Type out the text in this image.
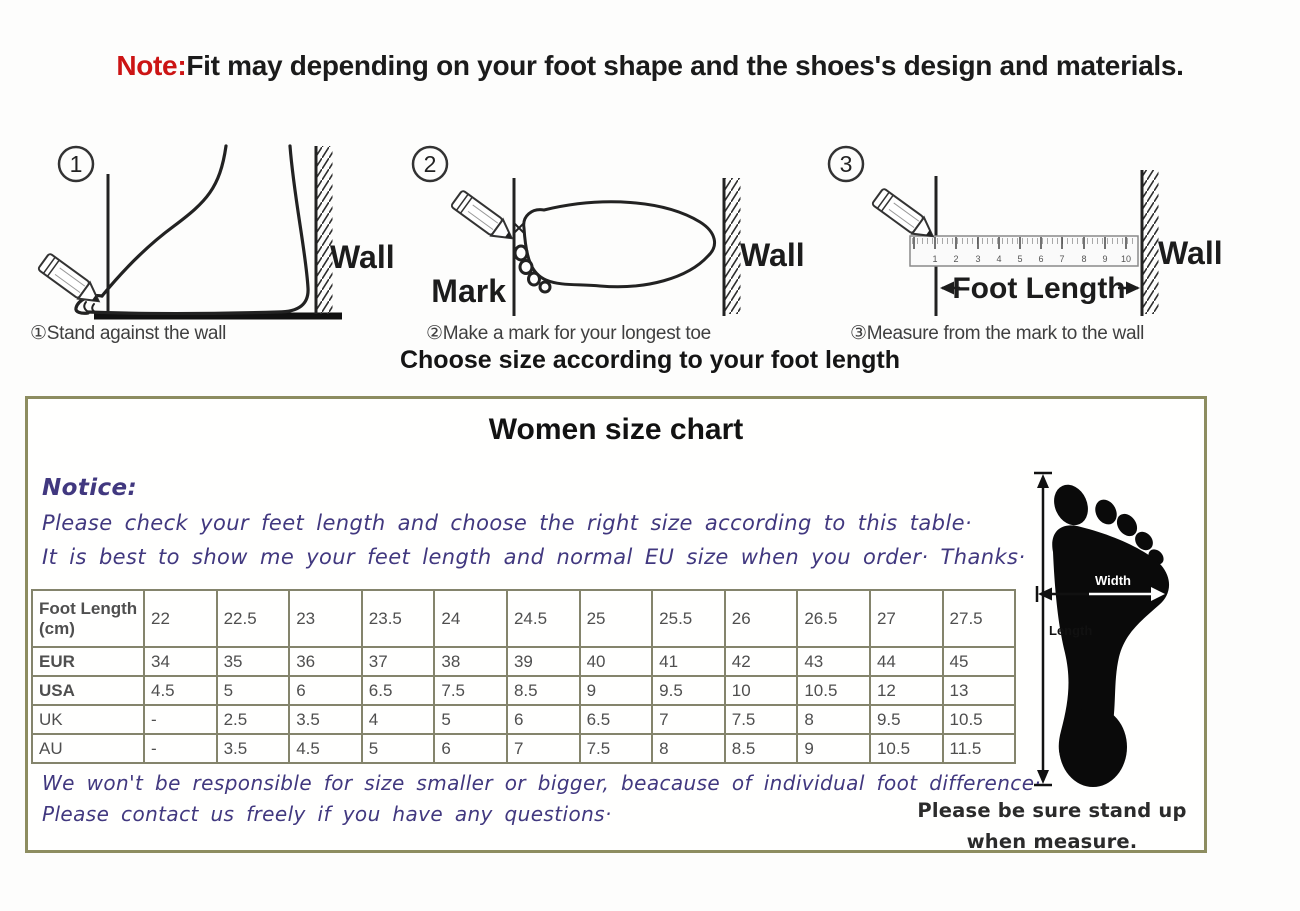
Note:Fit may depending on your foot shape and the shoes's design and materials.
1
Wall
①Stand against the wall
2
Mark
Wall
②Make a mark for your longest toe
3
1 2 3 4 5 6 7 8 9 10 Wall
Foot Length
③Measure from the mark to the wall
Choose size according to your foot length
Women size chart
Notice:
Please check your feet length and choose the right size according to this table·
It is best to show me your feet length and normal EU size when you order· Thanks·
Foot Length (cm)	22	22.5	23	23.5	24	24.5	25	25.5	26	26.5	27	27.5
EUR	34	35	36	37	38	39	40	41	42	43	44	45
USA	4.5	5	6	6.5	7.5	8.5	9	9.5	10	10.5	12	13
UK	-	2.5	3.5	4	5	6	6.5	7	7.5	8	9.5	10.5
AU	-	3.5	4.5	5	6	7	7.5	8	8.5	9	10.5	11.5
Width
Length
We won't be responsible for size smaller or bigger, beacause of individual foot difference·
Please contact us freely if you have any questions·	Please be sure stand up when measure.
